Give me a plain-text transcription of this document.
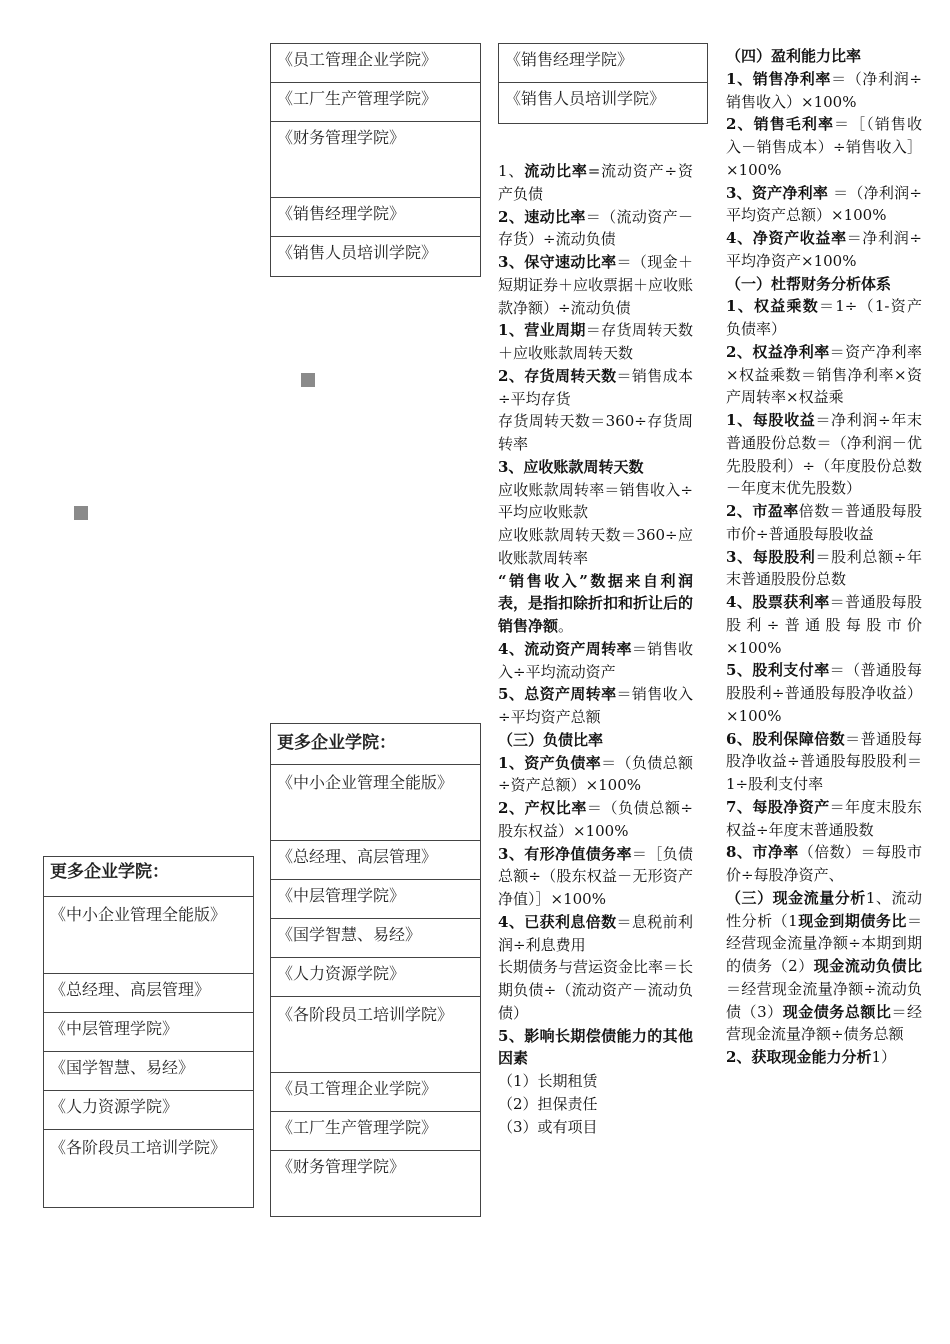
《员工管理企业学院》
《工厂生产管理学院》
《财务管理学院》
《销售经理学院》
《销售人员培训学院》
更多企业学院：
《中小企业管理全能版》
《总经理、高层管理》
《中层管理学院》
《国学智慧、易经》
《人力资源学院》
《各阶段员工培训学院》
更多企业学院：
《中小企业管理全能版》
《总经理、高层管理》
《中层管理学院》
《国学智慧、易经》
《人力资源学院》
《各阶段员工培训学院》
《员工管理企业学院》
《工厂生产管理学院》
《财务管理学院》
《销售经理学院》
《销售人员培训学院》

1、流动比率=流动资产÷资产负债

2、速动比率＝（流动资产－存货）÷流动负债

3、保守速动比率＝（现金＋短期证券＋应收票据＋应收账款净额）÷流动负债

1、营业周期＝存货周转天数＋应收账款周转天数

2、存货周转天数＝销售成本÷平均存货

存货周转天数＝360÷存货周转率

3、应收账款周转天数

应收账款周转率＝销售收入÷平均应收账款

应收账款周转天数＝360÷应收账款周转率

“销售收入”数据来自利润表，是指扣除折扣和折让后的销售净额。

4、流动资产周转率＝销售收入÷平均流动资产

5、总资产周转率＝销售收入÷平均资产总额

（三）负债比率

1、资产负债率＝（负债总额÷资产总额）×100%

2、产权比率＝（负债总额÷股东权益）×100%

3、有形净值债务率＝［负债总额÷（股东权益－无形资产净值）］×100%

4、已获利息倍数＝息税前利润÷利息费用

长期债务与营运资金比率＝长期负债÷（流动资产－流动负债）

5、影响长期偿债能力的其他因素

（1）长期租赁

（2）担保责任

（3）或有项目

（四）盈利能力比率

1、销售净利率＝（净利润÷销售收入）×100%

2、销售毛利率＝［（销售收入－销售成本）÷销售收入］×100%

3、资产净利率 ＝（净利润÷平均资产总额）×100%

4、净资产收益率＝净利润÷平均净资产×100%

（一）杜帮财务分析体系

1、权益乘数＝1÷（1-资产负债率）

2、权益净利率＝资产净利率×权益乘数＝销售净利率×资产周转率×权益乘

1、每股收益＝净利润÷年末普通股份总数＝（净利润－优先股股利）÷（年度股份总数－年度末优先股数）

2、市盈率倍数＝普通股每股市价÷普通股每股收益

3、每股股利＝股利总额÷年末普通股股份总数

4、股票获利率＝普通股每股股利÷普通股每股市价×100%

5、股利支付率＝（普通股每股股利÷普通股每股净收益）×100%

6、股利保障倍数＝普通股每股净收益÷普通股每股股利＝1÷股利支付率

7、每股净资产＝年度末股东权益÷年度末普通股数

8、市净率（倍数）＝每股市价÷每股净资产、

（三）现金流量分析1、流动性分析（1现金到期债务比＝经营现金流量净额÷本期到期的债务（2）现金流动负债比＝经营现金流量净额÷流动负债（3）现金债务总额比＝经营现金流量净额÷债务总额

2、获取现金能力分析1）
